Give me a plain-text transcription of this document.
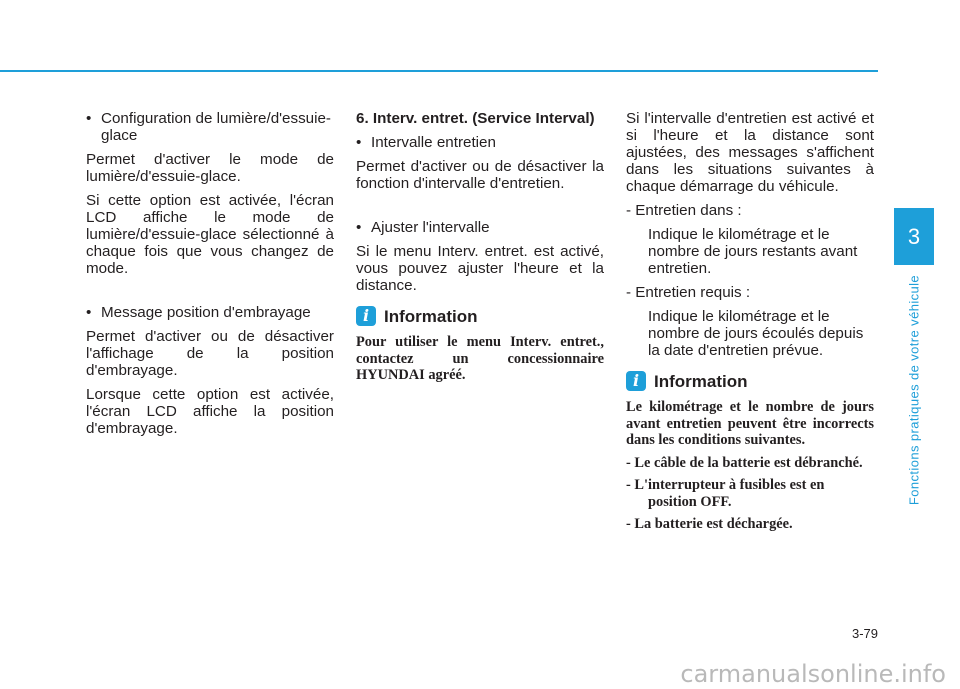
• Configuration de lumière/d'essuie-glace

Permet d'activer le mode de lumière/d'essuie-glace.

Si cette option est activée, l'écran LCD affiche le mode de lumière/d'essuie-glace sélectionné à chaque fois que vous changez de mode.

• Message position d'embrayage

Permet d'activer ou de désactiver l'affichage de la position d'embrayage.

Lorsque cette option est activée, l'écran LCD affiche la position d'embrayage.

6. Interv. entret. (Service Interval)

• Intervalle entretien

Permet d'activer ou de désactiver la fonction d'intervalle d'entretien.

• Ajuster l'intervalle

Si le menu Interv. entret. est activé, vous pouvez ajuster l'heure et la distance.

i Information

Pour utiliser le menu Interv. entret., contactez un concessionnaire HYUNDAI agréé.

Si l'intervalle d'entretien est activé et si l'heure et la distance sont ajustées, des messages s'affichent dans les situations suivantes à chaque démarrage du véhicule.

- Entretien dans :

Indique le kilométrage et le nombre de jours restants avant entretien.

- Entretien requis :

Indique le kilométrage et le nombre de jours écoulés depuis la date d'entretien prévue.

i Information

Le kilométrage et le nombre de jours avant entretien peuvent être incorrects dans les conditions suivantes.

- Le câble de la batterie est débranché.

- L'interrupteur à fusibles est en position OFF.

- La batterie est déchargée.

3
Fonctions pratiques de votre véhicule
3-79
carmanualsonline.info
